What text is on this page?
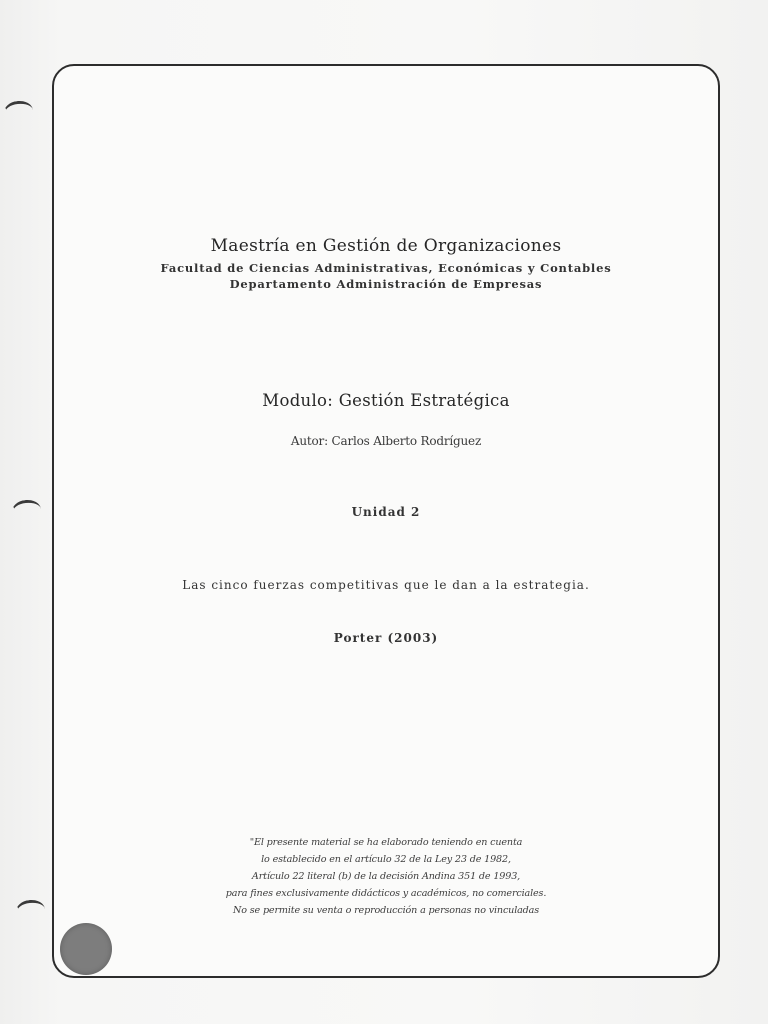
Maestría en Gestión de Organizaciones
Facultad de Ciencias Administrativas, Económicas y Contables
Departamento Administración de Empresas
Modulo: Gestión Estratégica
Autor: Carlos Alberto Rodríguez
Unidad 2
Las cinco fuerzas competitivas que le dan a la estrategia.
Porter (2003)
"El presente material se ha elaborado teniendo en cuenta
lo establecido en el artículo 32 de la Ley 23 de 1982,
Artículo 22 literal (b) de la decisión Andina 351 de 1993,
para fines exclusivamente didácticos y académicos, no comerciales.
No se permite su venta o reproducción a personas no vinculadas
